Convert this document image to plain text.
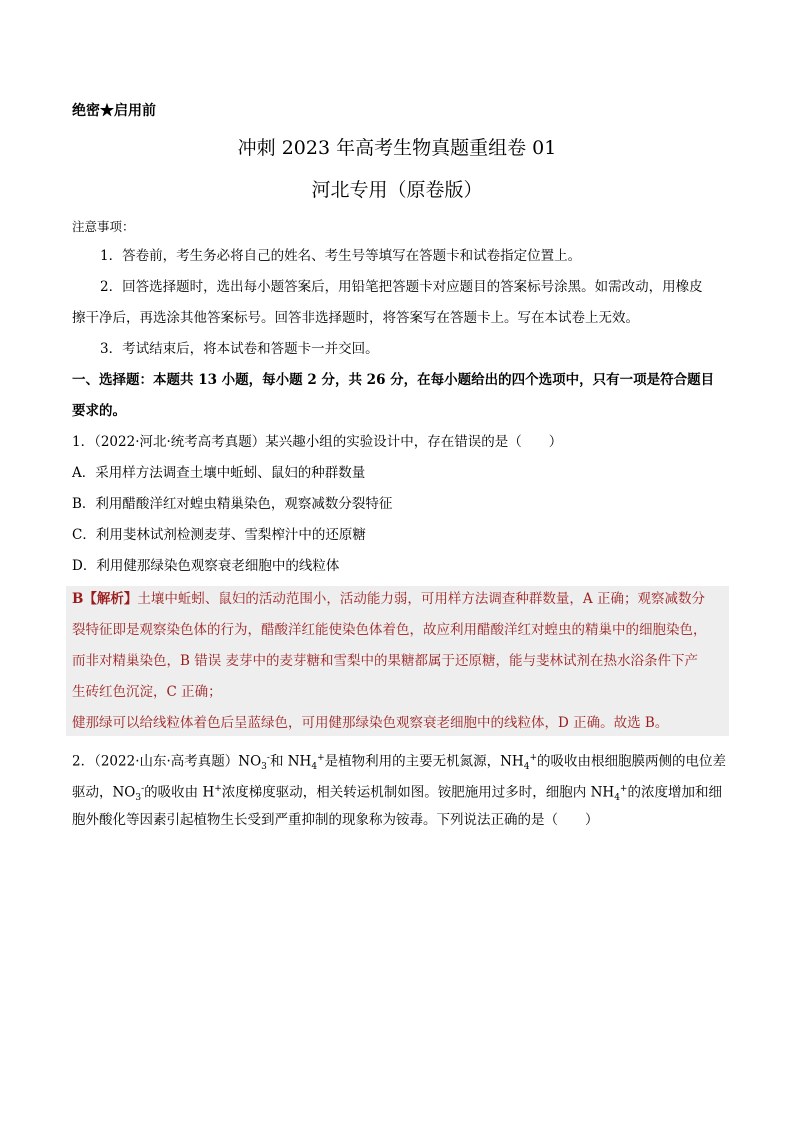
绝密★启用前
冲刺 2023 年高考生物真题重组卷 01
河北专用（原卷版）
注意事项：
1．答卷前，考生务必将自己的姓名、考生号等填写在答题卡和试卷指定位置上。
2．回答选择题时，选出每小题答案后，用铅笔把答题卡对应题目的答案标号涂黑。如需改动，用橡皮
擦干净后，再选涂其他答案标号。回答非选择题时，将答案写在答题卡上。写在本试卷上无效。
3．考试结束后，将本试卷和答题卡一并交回。
一、选择题：本题共 13 小题，每小题 2 分，共 26 分，在每小题给出的四个选项中，只有一项是符合题目
要求的。
1．（2022·河北·统考高考真题）某兴趣小组的实验设计中，存在错误的是（　　）
A．采用样方法调查土壤中蚯蚓、鼠妇的种群数量
B．利用醋酸洋红对蝗虫精巢染色，观察减数分裂特征
C．利用斐林试剂检测麦芽、雪梨榨汁中的还原糖
D．利用健那绿染色观察衰老细胞中的线粒体
B【解析】土壤中蚯蚓、鼠妇的活动范围小，活动能力弱，可用样方法调查种群数量，A 正确；观察减数分
裂特征即是观察染色体的行为，醋酸洋红能使染色体着色，故应利用醋酸洋红对蝗虫的精巢中的细胞染色，
而非对精巢染色，B 错误 麦芽中的麦芽糖和雪梨中的果糖都属于还原糖，能与斐林试剂在热水浴条件下产
生砖红色沉淀，C 正确；
健那绿可以给线粒体着色后呈蓝绿色，可用健那绿染色观察衰老细胞中的线粒体，D 正确。故选 B。
2．（2022·山东·高考真题）$NO_3^-$和 $NH_4^+$是植物利用的主要无机氮源，$NH_4^+$的吸收由根细胞膜两侧的电位差
驱动，$NO_3^-$的吸收由 H+浓度梯度驱动，相关转运机制如图。铵肥施用过多时，细胞内 $NH_4^+$的浓度增加和细
胞外酸化等因素引起植物生长受到严重抑制的现象称为铵毒。下列说法正确的是（　　）
